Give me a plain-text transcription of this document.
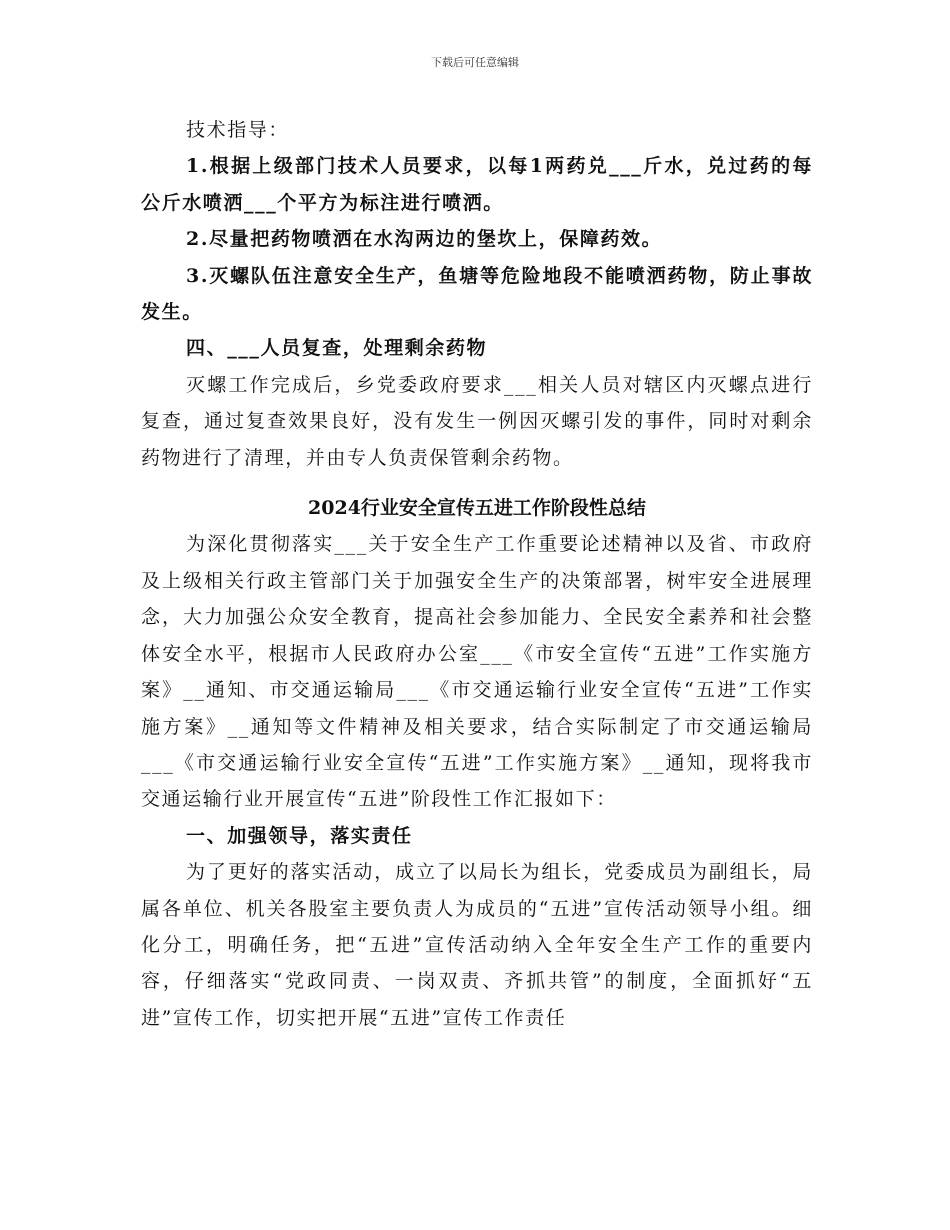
下载后可任意编辑

技术指导：

1.根据上级部门技术人员要求，以每1两药兑___斤水，兑过药的每公斤水喷洒___个平方为标注进行喷洒。

2.尽量把药物喷洒在水沟两边的堡坎上，保障药效。

3.灭螺队伍注意安全生产，鱼塘等危险地段不能喷洒药物，防止事故发生。

四、___人员复查，处理剩余药物

灭螺工作完成后，乡党委政府要求___相关人员对辖区内灭螺点进行复查，通过复查效果良好，没有发生一例因灭螺引发的事件，同时对剩余药物进行了清理，并由专人负责保管剩余药物。

2024行业安全宣传五进工作阶段性总结

为深化贯彻落实___关于安全生产工作重要论述精神以及省、市政府及上级相关行政主管部门关于加强安全生产的决策部署，树牢安全进展理念，大力加强公众安全教育，提高社会参加能力、全民安全素养和社会整体安全水平，根据市人民政府办公室___《市安全宣传“五进”工作实施方案》__通知、市交通运输局___《市交通运输行业安全宣传“五进”工作实施方案》__通知等文件精神及相关要求，结合实际制定了市交通运输局___《市交通运输行业安全宣传“五进”工作实施方案》__通知，现将我市交通运输行业开展宣传“五进”阶段性工作汇报如下：

一、加强领导，落实责任

为了更好的落实活动，成立了以局长为组长，党委成员为副组长，局属各单位、机关各股室主要负责人为成员的“五进”宣传活动领导小组。细化分工，明确任务，把“五进”宣传活动纳入全年安全生产工作的重要内容，仔细落实“党政同责、一岗双责、齐抓共管”的制度，全面抓好“五进”宣传工作，切实把开展“五进”宣传工作责任
